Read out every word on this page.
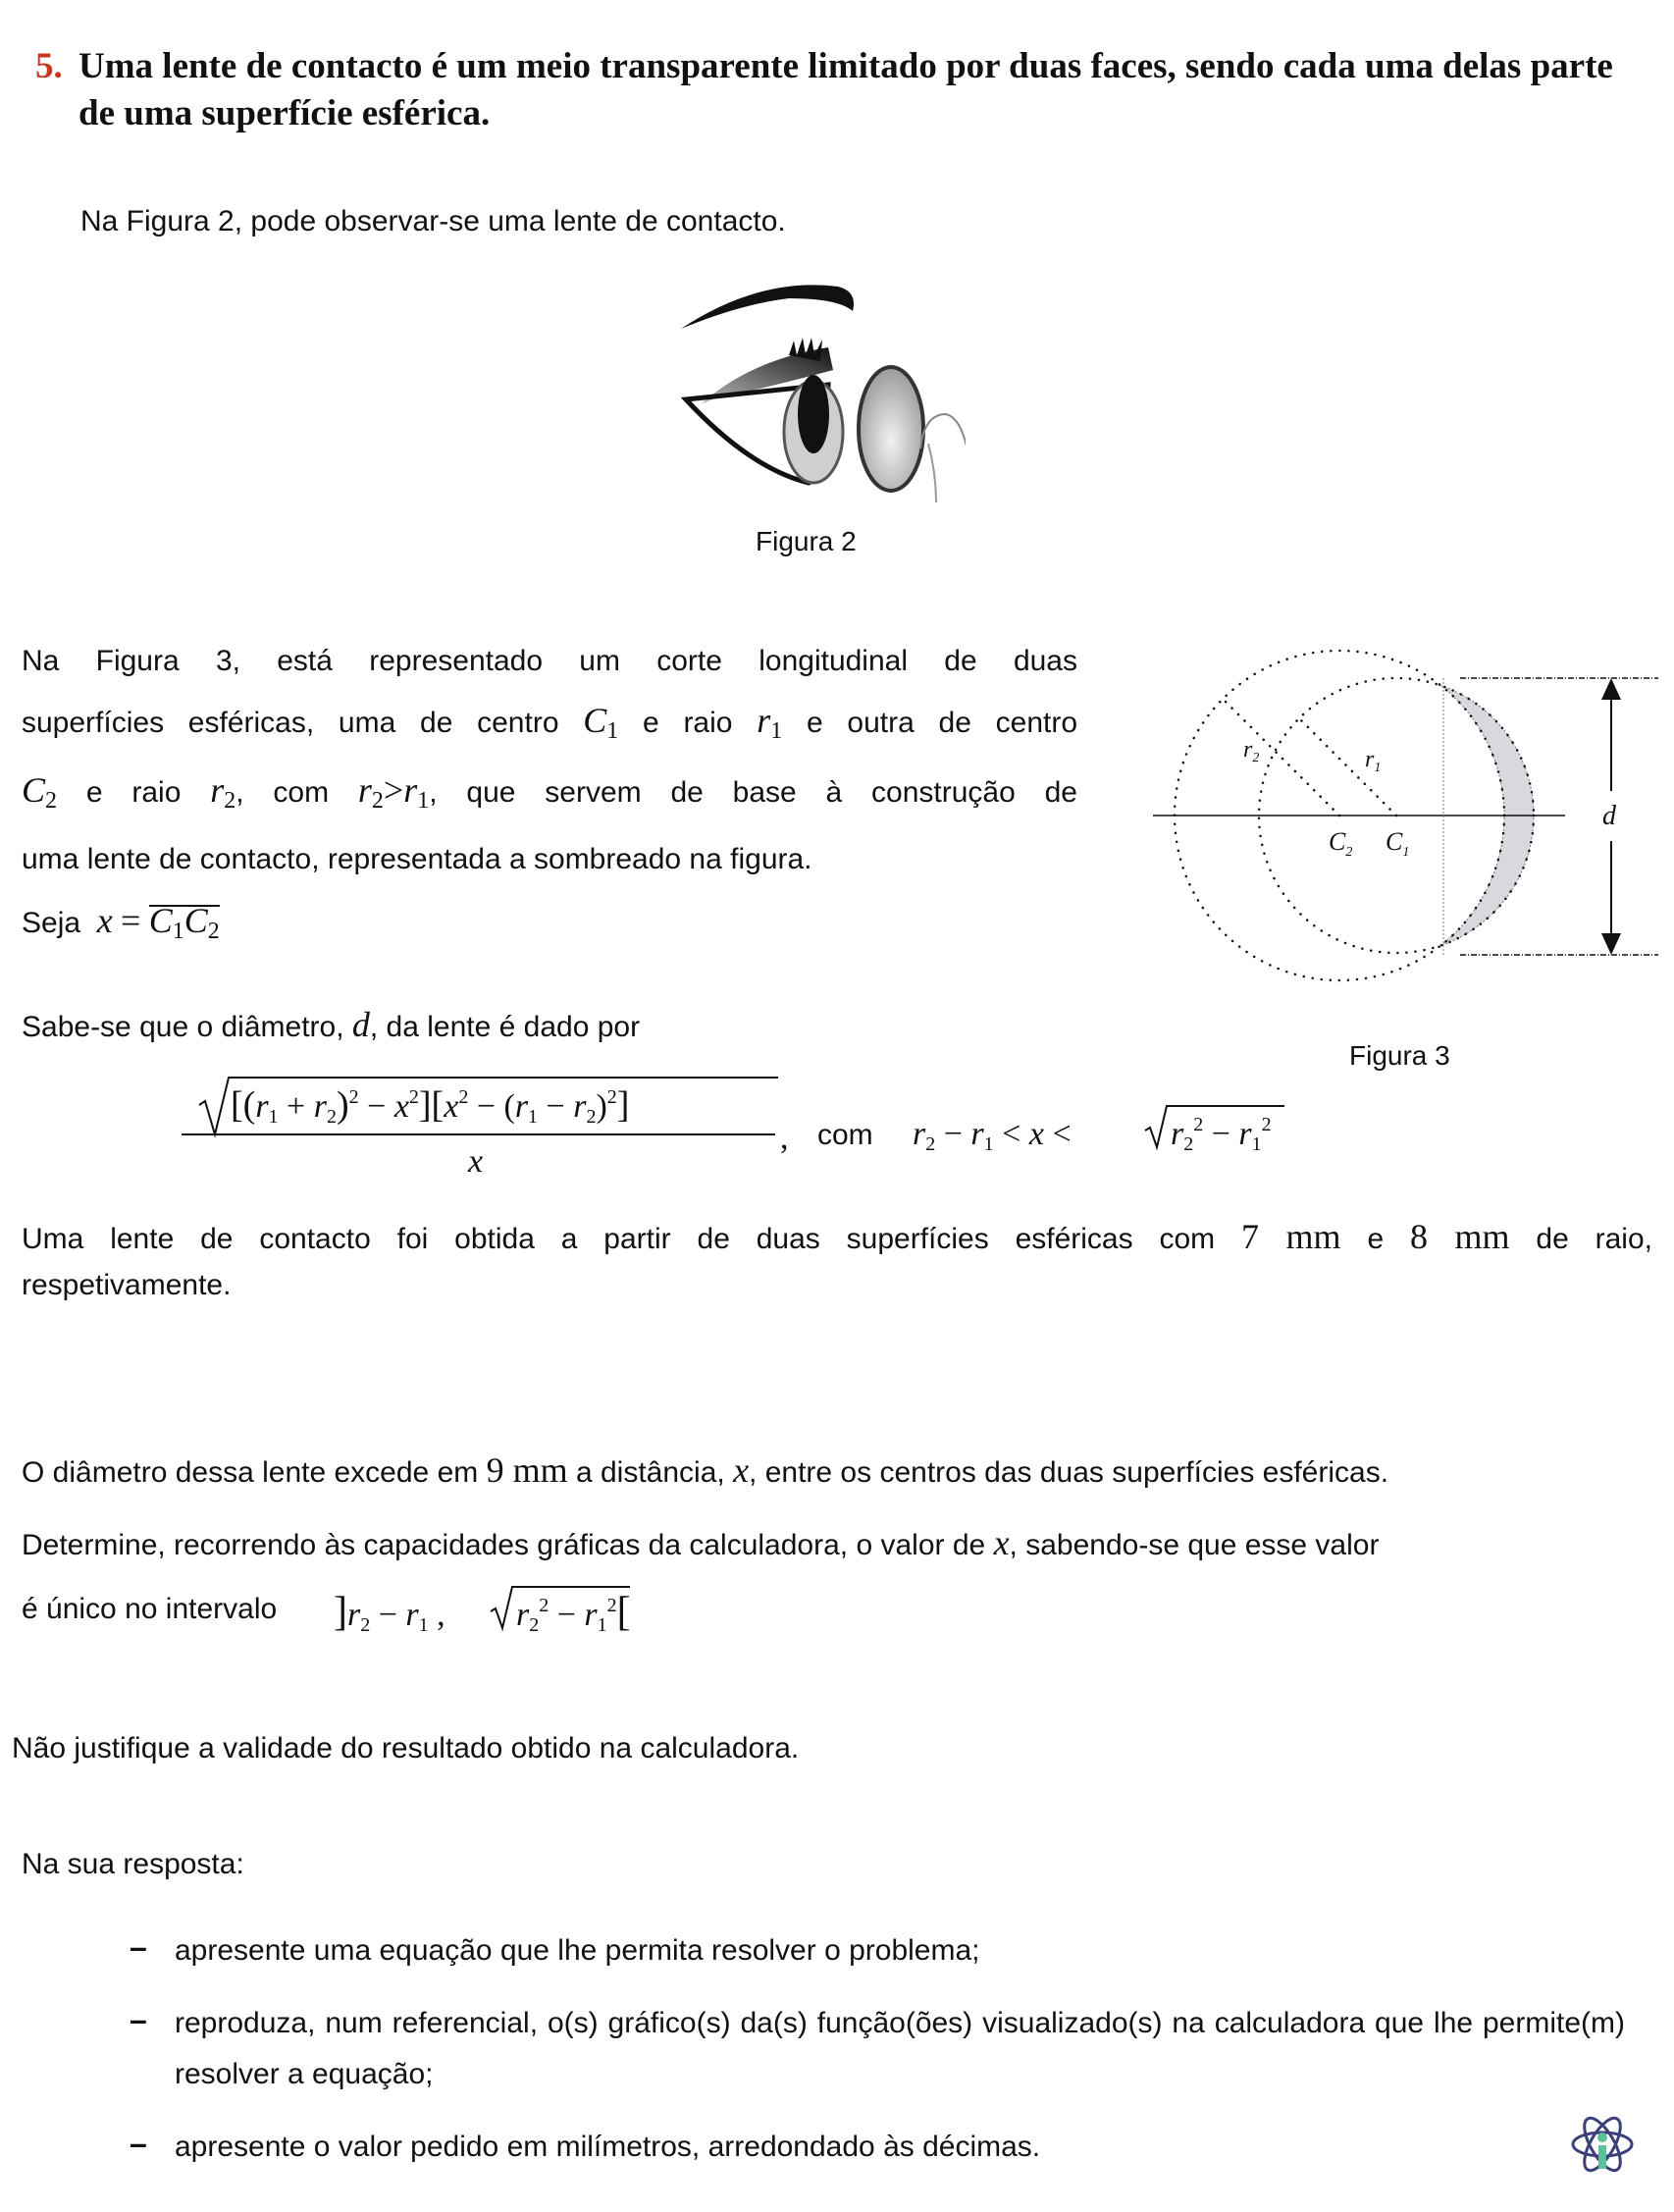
5. Uma lente de contacto é um meio transparente limitado por duas faces, sendo cada uma delas parte de uma superfície esférica.
Na Figura 2, pode observar-se uma lente de contacto.
Figura 2
Na Figura 3, está representado um corte longitudinal de duas
superfícies esféricas, uma de centro $C_1$ e raio $r_1$ e outra de centro
$C_2$ e raio $r_2$, com $r_2>r_1$, que servem de base à construção de
uma lente de contacto, representada a sombreado na figura.
Seja $x = C_1C_2$
$r_2$	$r_1$
$C_2$ $C_1$
d
Figura 3
Sabe-se que o diâmetro, d, da lente é dado por
$[(r1 + r2)^2 - x^2][x^2 - (r1 - r2)^2]$
x
, com r2 − r1 < x <	$r2^2 - r1^2$
Uma lente de contacto foi obtida a partir de duas superfícies esféricas com 7 mm e 8 mm de raio,
respetivamente.
O diâmetro dessa lente excede em 9 mm a distância, x, entre os centros das duas superfícies esféricas.
Determine, recorrendo às capacidades gráficas da calculadora, o valor de x, sabendo-se que esse valor
é único no intervalo ]r2 − r1 , $r2^2 - r1^2$[
Não justifique a validade do resultado obtido na calculadora.
Na sua resposta:
– apresente uma equação que lhe permita resolver o problema;
– reproduza, num referencial, o(s) gráfico(s) da(s) função(ões) visualizado(s) na calculadora que lhe permite(m) resolver a equação;
– apresente o valor pedido em milímetros, arredondado às décimas.
